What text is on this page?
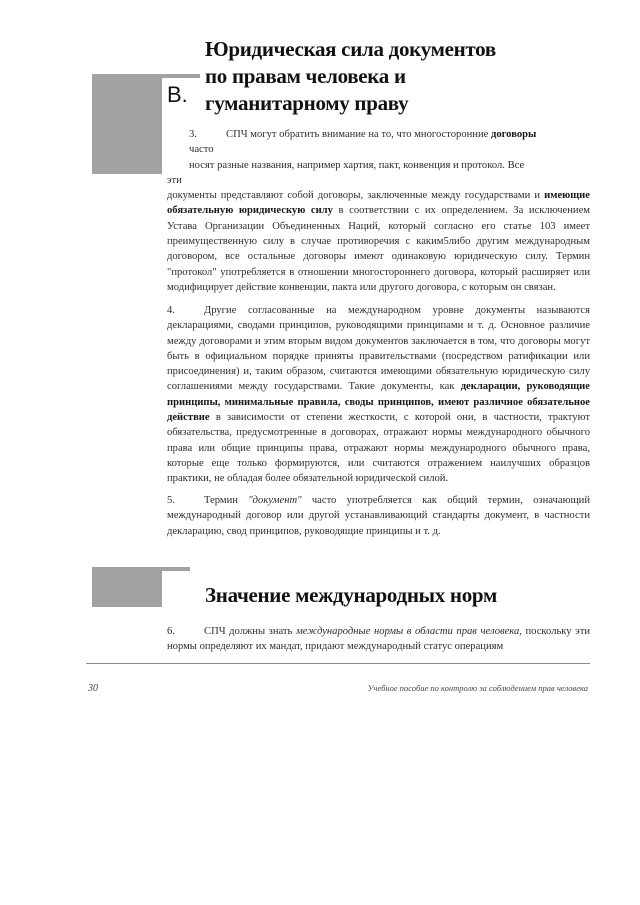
B.
Юридическая сила документов
по правам человека и
гуманитарному праву
3.	СПЧ могут обратить внимание на то, что многосторонние договоры
часто
носят разные названия, например хартия, пакт, конвенция и протокол. Все
эти
документы представляют собой договоры, заключенные между государствами и имеющие обязательную юридическую силу в соответствии с их определением. За исключением Устава Организации Объединенных Наций, который согласно его статье 103 имеет преимущественную силу в случае противоречия с каким5либо другим международным договором, все остальные договоры имеют одинаковую юридическую силу. Термин "протокол" употребляется в отношении многостороннего договора, который расширяет или модифицирует действие конвенции, пакта или другого договора, с которым он связан.
4.	Другие согласованные на международном уровне документы называются декларациями, сводами принципов, руководящими принципами и т. д. Основное различие между договорами и этим вторым видом документов заключается в том, что договоры могут быть в официальном порядке приняты правительствами (посредством ратификации или присоединения) и, таким образом, считаются имеющими обязательную юридическую силу соглашениями между государствами. Такие документы, как декларации, руководящие принципы, минимальные правила, своды принципов, имеют различное обязательное действие в зависимости от степени жесткости, с которой они, в частности, трактуют обязательства, предусмотренные в договорах, отражают нормы международного обычного права или общие принципы права, отражают нормы международного обычного права, которые еще только формируются, или считаются отражением наилучших образцов практики, не обладая более обязательной юридической силой.
5.	Термин "документ" часто употребляется как общий термин, означающий международный договор или другой устанавливающий стандарты документ, в частности декларацию, свод принципов, руководящие принципы и т. д.
Значение международных норм
6.	СПЧ должны знать международные нормы в области прав человека, поскольку эти нормы определяют их мандат, придают международный статус операциям
30	Учебное пособие по контролю за соблюдением прав человека
